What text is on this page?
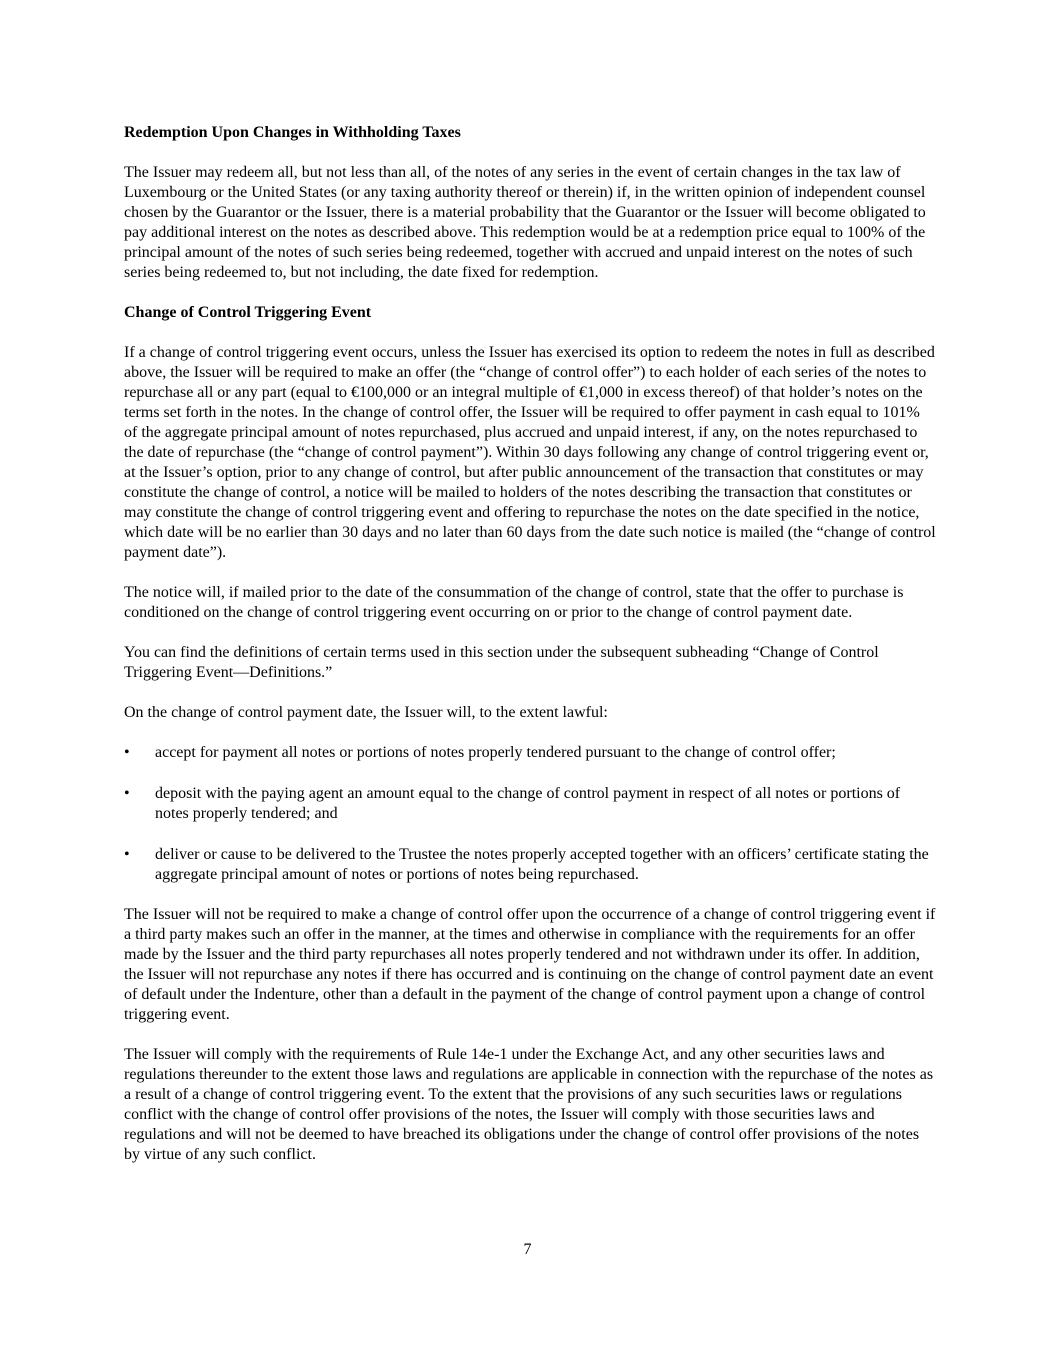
Redemption Upon Changes in Withholding Taxes

The Issuer may redeem all, but not less than all, of the notes of any series in the event of certain changes in the tax law of Luxembourg or the United States (or any taxing authority thereof or therein) if, in the written opinion of independent counsel chosen by the Guarantor or the Issuer, there is a material probability that the Guarantor or the Issuer will become obligated to pay additional interest on the notes as described above. This redemption would be at a redemption price equal to 100% of the principal amount of the notes of such series being redeemed, together with accrued and unpaid interest on the notes of such series being redeemed to, but not including, the date fixed for redemption.

Change of Control Triggering Event

If a change of control triggering event occurs, unless the Issuer has exercised its option to redeem the notes in full as described above, the Issuer will be required to make an offer (the “change of control offer”) to each holder of each series of the notes to repurchase all or any part (equal to €100,000 or an integral multiple of €1,000 in excess thereof) of that holder’s notes on the terms set forth in the notes. In the change of control offer, the Issuer will be required to offer payment in cash equal to 101% of the aggregate principal amount of notes repurchased, plus accrued and unpaid interest, if any, on the notes repurchased to the date of repurchase (the “change of control payment”). Within 30 days following any change of control triggering event or, at the Issuer’s option, prior to any change of control, but after public announcement of the transaction that constitutes or may constitute the change of control, a notice will be mailed to holders of the notes describing the transaction that constitutes or may constitute the change of control triggering event and offering to repurchase the notes on the date specified in the notice, which date will be no earlier than 30 days and no later than 60 days from the date such notice is mailed (the “change of control payment date”).

The notice will, if mailed prior to the date of the consummation of the change of control, state that the offer to purchase is conditioned on the change of control triggering event occurring on or prior to the change of control payment date.

You can find the definitions of certain terms used in this section under the subsequent subheading “Change of Control Triggering Event—Definitions.”

On the change of control payment date, the Issuer will, to the extent lawful:

•	accept for payment all notes or portions of notes properly tendered pursuant to the change of control offer;
•	deposit with the paying agent an amount equal to the change of control payment in respect of all notes or portions of notes properly tendered; and
•	deliver or cause to be delivered to the Trustee the notes properly accepted together with an officers’ certificate stating the aggregate principal amount of notes or portions of notes being repurchased.

The Issuer will not be required to make a change of control offer upon the occurrence of a change of control triggering event if a third party makes such an offer in the manner, at the times and otherwise in compliance with the requirements for an offer made by the Issuer and the third party repurchases all notes properly tendered and not withdrawn under its offer. In addition, the Issuer will not repurchase any notes if there has occurred and is continuing on the change of control payment date an event of default under the Indenture, other than a default in the payment of the change of control payment upon a change of control triggering event.

The Issuer will comply with the requirements of Rule 14e-1 under the Exchange Act, and any other securities laws and regulations thereunder to the extent those laws and regulations are applicable in connection with the repurchase of the notes as a result of a change of control triggering event. To the extent that the provisions of any such securities laws or regulations conflict with the change of control offer provisions of the notes, the Issuer will comply with those securities laws and regulations and will not be deemed to have breached its obligations under the change of control offer provisions of the notes by virtue of any such conflict.

7
